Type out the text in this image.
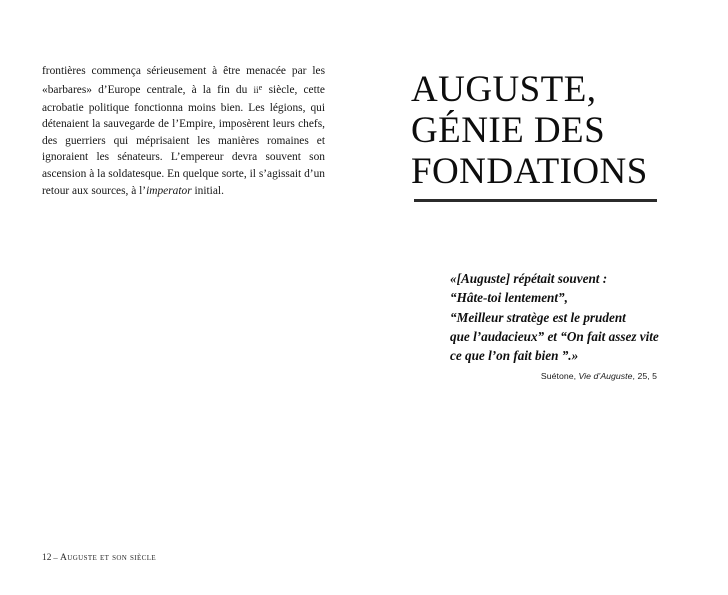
frontières commença sérieusement à être menacée par les «barbares» d’Europe centrale, à la fin du $ii^e$ siècle, cette acrobatie politique fonctionna moins bien. Les légions, qui détenaient la sauvegarde de l’Empire, imposèrent leurs chefs, des guerriers qui méprisaient les manières romaines et ignoraient les sénateurs. L’empereur devra souvent son ascension à la soldatesque. En quelque sorte, il s’agissait d’un retour aux sources, à l’imperator initial.

12 – Auguste et son siècle
AUGUSTE,
GÉNIE DES
FONDATIONS
«[Auguste] répétait souvent :
“Hâte-toi lentement”,
“Meilleur stratège est le prudent
que l’audacieux” et “On fait assez vite
ce que l’on fait bien ”.»
Suétone, Vie d’Auguste, 25, 5
